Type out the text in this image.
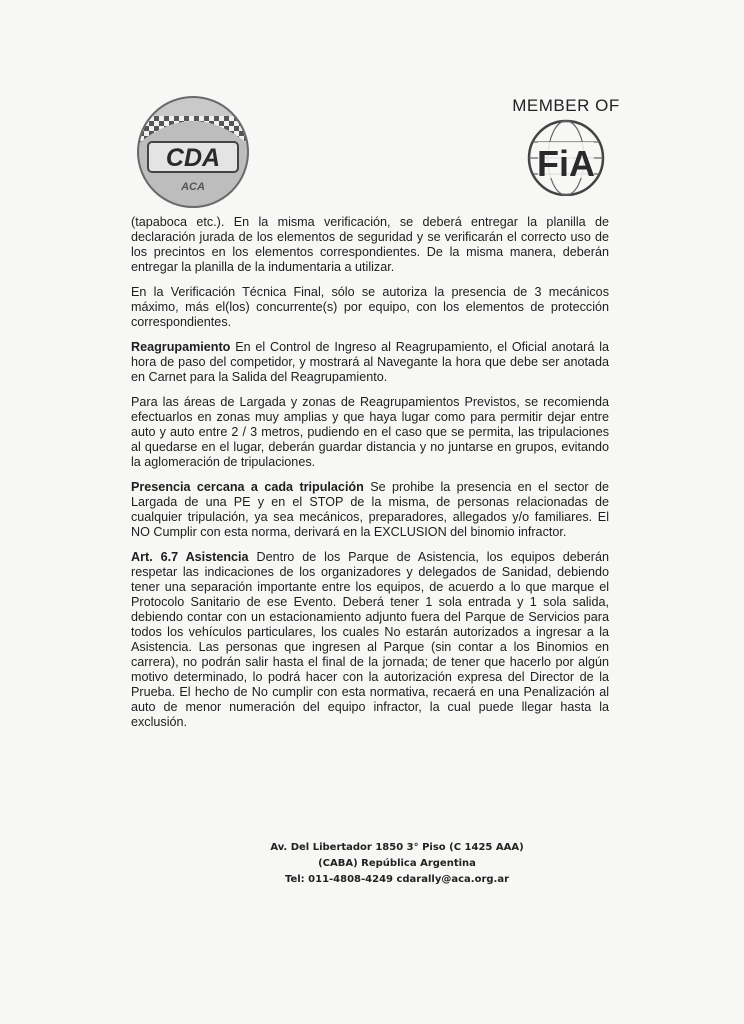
CDA
ACA
MEMBER OF
FiA

(tapaboca etc.). En la misma verificación, se deberá entregar la planilla de declaración jurada de los elementos de seguridad y se verificarán el correcto uso de los precintos en los elementos correspondientes. De la misma manera, deberán entregar la planilla de la indumentaria a utilizar.

En la Verificación Técnica Final, sólo se autoriza la presencia de 3 mecánicos máximo, más el(los) concurrente(s) por equipo, con los elementos de protección correspondientes.

Reagrupamiento En el Control de Ingreso al Reagrupamiento, el Oficial anotará la hora de paso del competidor, y mostrará al Navegante la hora que debe ser anotada en Carnet para la Salida del Reagrupamiento.

Para las áreas de Largada y zonas de Reagrupamientos Previstos, se recomienda efectuarlos en zonas muy amplias y que haya lugar como para permitir dejar entre auto y auto entre 2 / 3 metros, pudiendo en el caso que se permita, las tripulaciones al quedarse en el lugar, deberán guardar distancia y no juntarse en grupos, evitando la aglomeración de tripulaciones.

Presencia cercana a cada tripulación Se prohibe la presencia en el sector de Largada de una PE y en el STOP de la misma, de personas relacionadas de cualquier tripulación, ya sea mecánicos, preparadores, allegados y/o familiares. El NO Cumplir con esta norma, derivará en la EXCLUSION del binomio infractor.

Art. 6.7 Asistencia Dentro de los Parque de Asistencia, los equipos deberán respetar las indicaciones de los organizadores y delegados de Sanidad, debiendo tener una separación importante entre los equipos, de acuerdo a lo que marque el Protocolo Sanitario de ese Evento. Deberá tener 1 sola entrada y 1 sola salida, debiendo contar con un estacionamiento adjunto fuera del Parque de Servicios para todos los vehículos particulares, los cuales No estarán autorizados a ingresar a la Asistencia. Las personas que ingresen al Parque (sin contar a los Binomios en carrera), no podrán salir hasta el final de la jornada; de tener que hacerlo por algún motivo determinado, lo podrá hacer con la autorización expresa del Director de la Prueba. El hecho de No cumplir con esta normativa, recaerá en una Penalización al auto de menor numeración del equipo infractor, la cual puede llegar hasta la exclusión.

Av. Del Libertador 1850 3° Piso (C 1425 AAA)
(CABA) República Argentina
Tel: 011-4808-4249 cdarally@aca.org.ar
